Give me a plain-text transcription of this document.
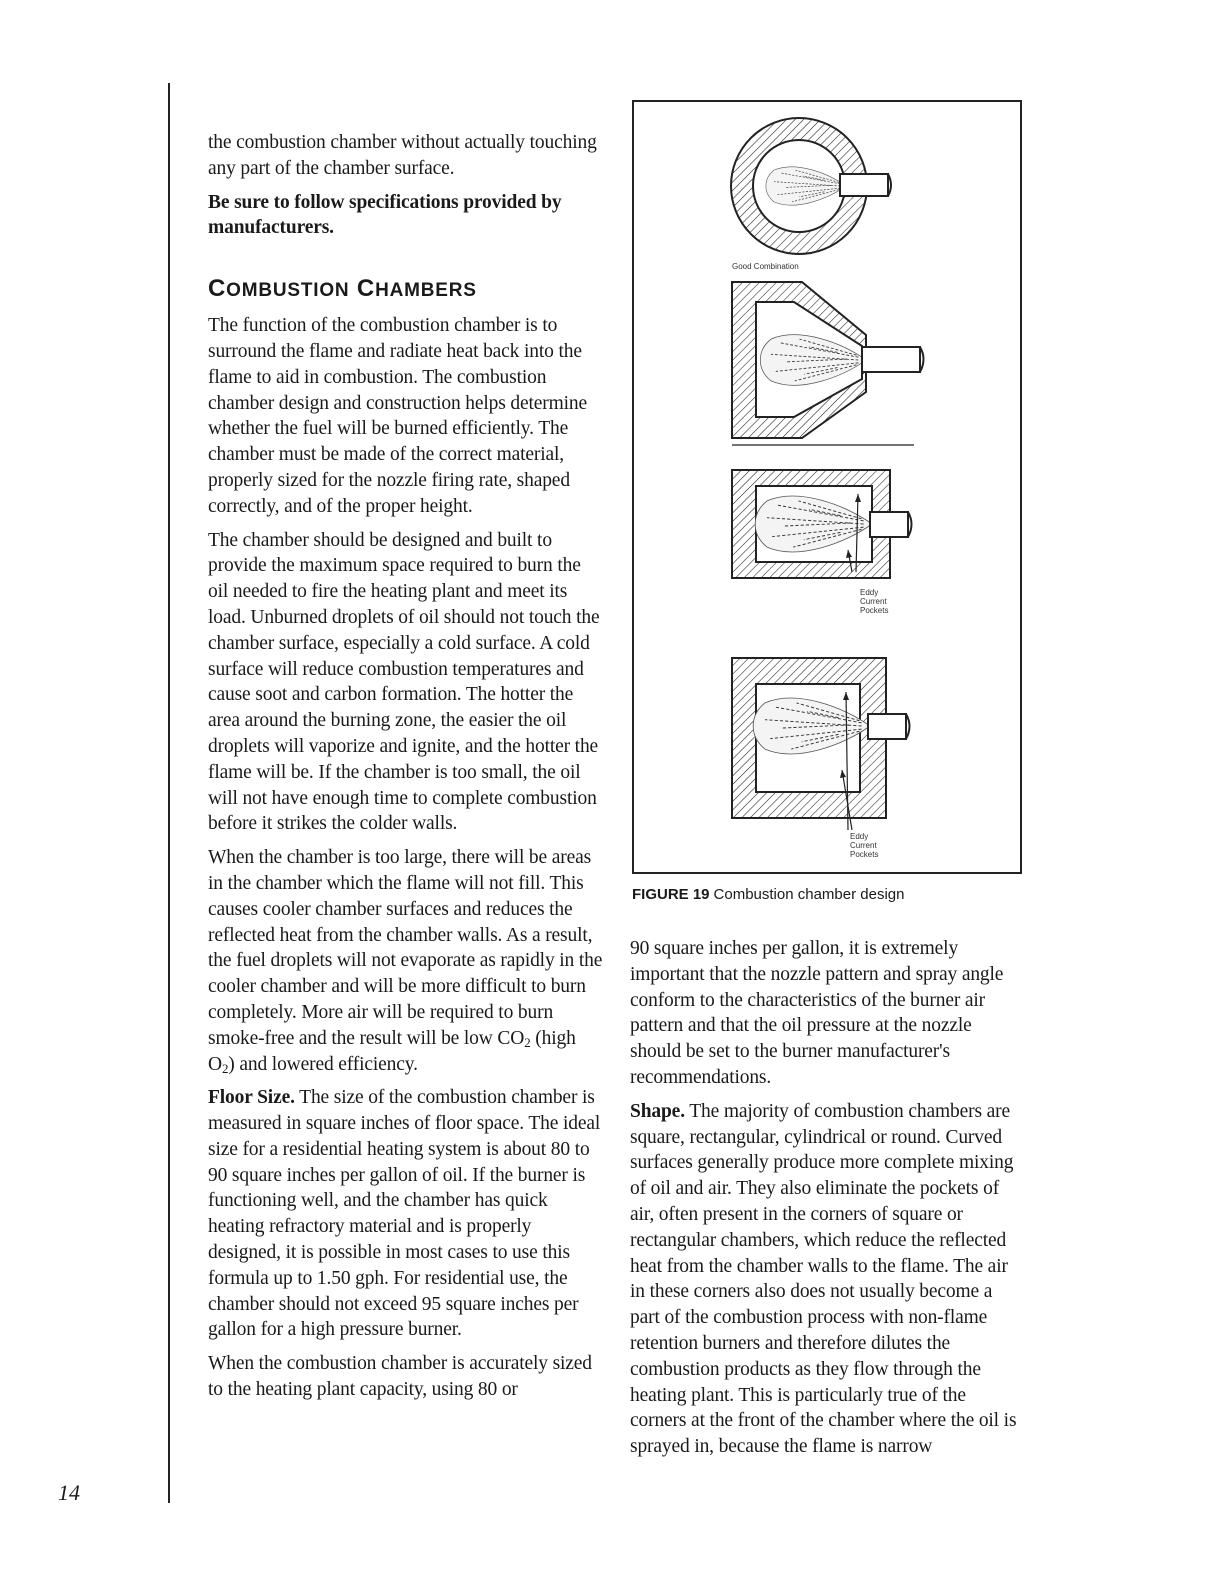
14

the combustion chamber without actually touching any part of the chamber surface.

Be sure to follow specifications provided by manufacturers.

COMBUSTION CHAMBERS

The function of the combustion chamber is to surround the flame and radiate heat back into the flame to aid in combustion. The combustion chamber design and construction helps determine whether the fuel will be burned efficiently. The chamber must be made of the correct material, properly sized for the nozzle firing rate, shaped correctly, and of the proper height.

The chamber should be designed and built to provide the maximum space required to burn the oil needed to fire the heating plant and meet its load. Unburned droplets of oil should not touch the chamber surface, especially a cold surface. A cold surface will reduce combustion temperatures and cause soot and carbon formation. The hotter the area around the burning zone, the easier the oil droplets will vaporize and ignite, and the hotter the flame will be. If the chamber is too small, the oil will not have enough time to complete combustion before it strikes the colder walls.

When the chamber is too large, there will be areas in the chamber which the flame will not fill. This causes cooler chamber surfaces and reduces the reflected heat from the chamber walls. As a result, the fuel droplets will not evaporate as rapidly in the cooler chamber and will be more difficult to burn completely. More air will be required to burn smoke-free and the result will be low $CO_2$ (high $O_2$) and lowered efficiency.

Floor Size. The size of the combustion chamber is measured in square inches of floor space. The ideal size for a residential heating system is about 80 to 90 square inches per gallon of oil. If the burner is functioning well, and the chamber has quick heating refractory material and is properly designed, it is possible in most cases to use this formula up to 1.50 gph. For residential use, the chamber should not exceed 95 square inches per gallon for a high pressure burner.

When the combustion chamber is accurately sized to the heating plant capacity, using 80 or

Good Combination
Eddy
Current
Pockets
Eddy
Current
Pockets
FIGURE 19 Combustion chamber design

90 square inches per gallon, it is extremely important that the nozzle pattern and spray angle conform to the characteristics of the burner air pattern and that the oil pressure at the nozzle should be set to the burner manufacturer's recommendations.

Shape. The majority of combustion chambers are square, rectangular, cylindrical or round. Curved surfaces generally produce more complete mixing of oil and air. They also eliminate the pockets of air, often present in the corners of square or rectangular chambers, which reduce the reflected heat from the chamber walls to the flame. The air in these corners also does not usually become a part of the combustion process with non-flame retention burners and therefore dilutes the combustion products as they flow through the heating plant. This is particularly true of the corners at the front of the chamber where the oil is sprayed in, because the flame is narrow
